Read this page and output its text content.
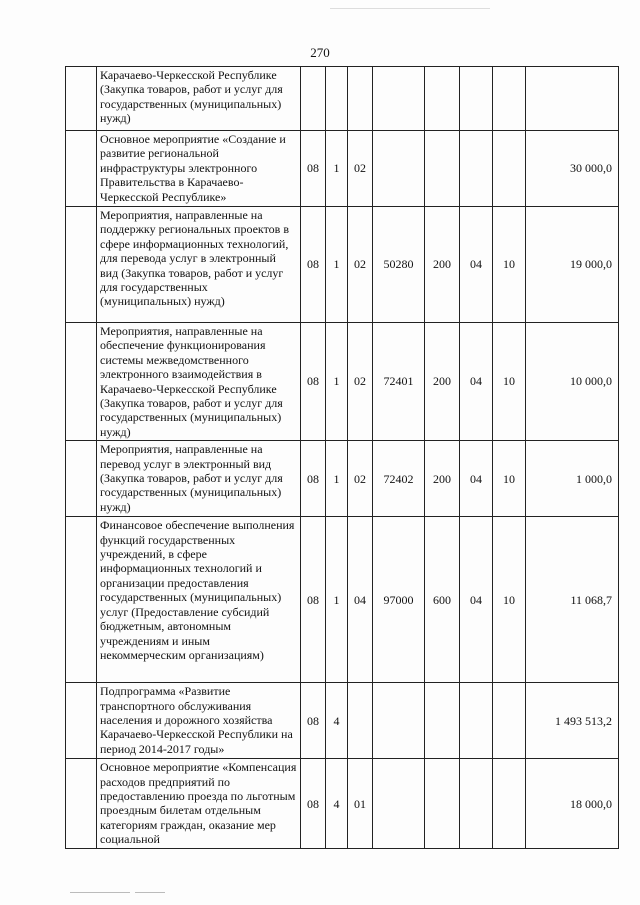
270
	Карачаево-Черкесской Республике (Закупка товаров, работ и услуг для государственных (муниципальных) нужд)								
	Основное мероприятие «Создание и развитие региональной инфраструктуры электронного Правительства в Карачаево-Черкесской Республике»	08	1	02					30 000,0
	Мероприятия, направленные на поддержку региональных проектов в сфере информационных технологий, для перевода услуг в электронный вид (Закупка товаров, работ и услуг для государственных (муниципальных) нужд)	08	1	02	50280	200	04	10	19 000,0
	Мероприятия, направленные на обеспечение функционирования системы межведомственного электронного взаимодействия в Карачаево-Черкесской Республике (Закупка товаров, работ и услуг для государственных (муниципальных) нужд)	08	1	02	72401	200	04	10	10 000,0
	Мероприятия, направленные на перевод услуг в электронный вид (Закупка товаров, работ и услуг для государственных (муниципальных) нужд)	08	1	02	72402	200	04	10	1 000,0
	Финансовое обеспечение выполнения функций государственных учреждений, в сфере информационных технологий и организации предоставления государственных (муниципальных) услуг (Предоставление субсидий бюджетным, автономным учреждениям и иным некоммерческим организациям)	08	1	04	97000	600	04	10	11 068,7
	Подпрограмма «Развитие транспортного обслуживания населения и дорожного хозяйства Карачаево-Черкесской Республики на период 2014-2017 годы»	08	4						1 493 513,2
	Основное мероприятие «Компенсация расходов предприятий по предоставлению проезда по льготным проездным билетам отдельным категориям граждан, оказание мер социальной	08	4	01					18 000,0
